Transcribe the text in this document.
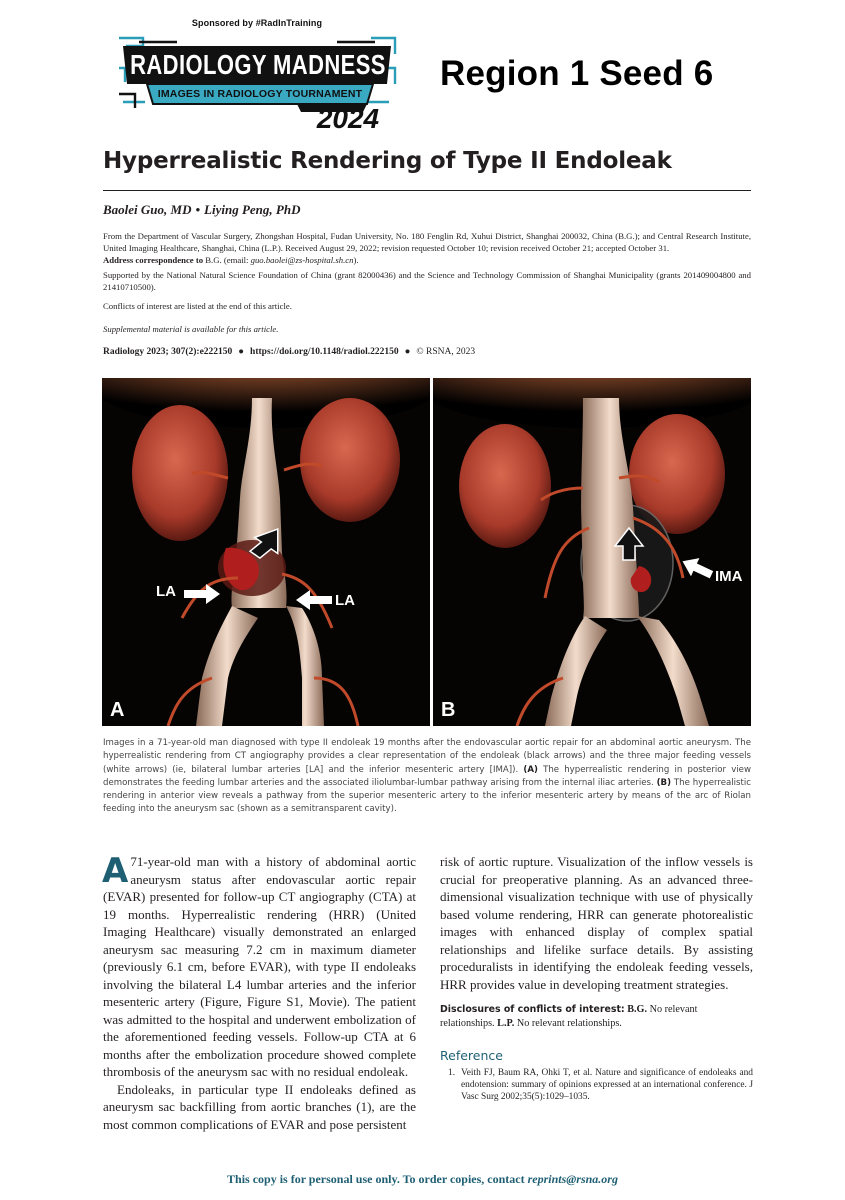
Sponsored by #RadInTraining
RADIOLOGY MADNESS
IMAGES IN RADIOLOGY TOURNAMENT
2024
Region 1 Seed 6
Hyperrealistic Rendering of Type II Endoleak
Baolei Guo, MD • Liying Peng, PhD
From the Department of Vascular Surgery, Zhongshan Hospital, Fudan University, No. 180 Fenglin Rd, Xuhui District, Shanghai 200032, China (B.G.); and Central Research Institute, United Imaging Healthcare, Shanghai, China (L.P.). Received August 29, 2022; revision requested October 10; revision received October 21; accepted October 31.
Address correspondence to B.G. (email: guo.baolei@zs-hospital.sh.cn).
Supported by the National Natural Science Foundation of China (grant 82000436) and the Science and Technology Commission of Shanghai Municipality (grants 201409004800 and 21410710500).
Conflicts of interest are listed at the end of this article.
Supplemental material is available for this article.
Radiology 2023; 307(2):e222150 ● https://doi.org/10.1148/radiol.222150 ● © RSNA, 2023
LA
LA
A
IMA
B
Images in a 71-year-old man diagnosed with type II endoleak 19 months after the endovascular aortic repair for an abdominal aortic aneurysm. The hyperrealistic rendering from CT angiography provides a clear representation of the endoleak (black arrows) and the three major feeding vessels (white arrows) (ie, bilateral lumbar arteries [LA] and the inferior mesenteric artery [IMA]). (A) The hyperrealistic rendering in posterior view demonstrates the feeding lumbar arteries and the associated iliolumbar-lumbar pathway arising from the internal iliac arteries. (B) The hyperrealistic rendering in anterior view reveals a pathway from the superior mesenteric artery to the inferior mesenteric artery by means of the arc of Riolan feeding into the aneurysm sac (shown as a semitransparent cavity).

A 71-year-old man with a history of abdominal aortic aneurysm status after endovascular aortic repair (EVAR) presented for follow-up CT angiography (CTA) at 19 months. Hyperrealistic rendering (HRR) (United Imaging Healthcare) visually demonstrated an enlarged aneurysm sac measuring 7.2 cm in maximum diameter (previously 6.1 cm, before EVAR), with type II endoleaks involving the bilateral L4 lumbar arteries and the inferior mesenteric artery (Figure, Figure S1, Movie). The patient was admitted to the hospital and underwent embolization of the aforementioned feeding vessels. Follow-up CTA at 6 months after the embolization procedure showed complete thrombosis of the aneurysm sac with no residual endoleak.

Endoleaks, in particular type II endoleaks defined as aneurysm sac backfilling from aortic branches (1), are the most common complications of EVAR and pose persistent

risk of aortic rupture. Visualization of the inflow vessels is crucial for preoperative planning. As an advanced three-dimensional visualization technique with use of physically based volume rendering, HRR can generate photorealistic images with enhanced display of complex spatial relationships and lifelike surface details. By assisting proceduralists in identifying the endoleak feeding vessels, HRR provides value in developing treatment strategies.

Disclosures of conflicts of interest: B.G. No relevant relationships. L.P. No relevant relationships.
Reference
1. Veith FJ, Baum RA, Ohki T, et al. Nature and significance of endoleaks and endotension: summary of opinions expressed at an international conference. J Vasc Surg 2002;35(5):1029–1035.
This copy is for personal use only. To order copies, contact reprints@rsna.org
